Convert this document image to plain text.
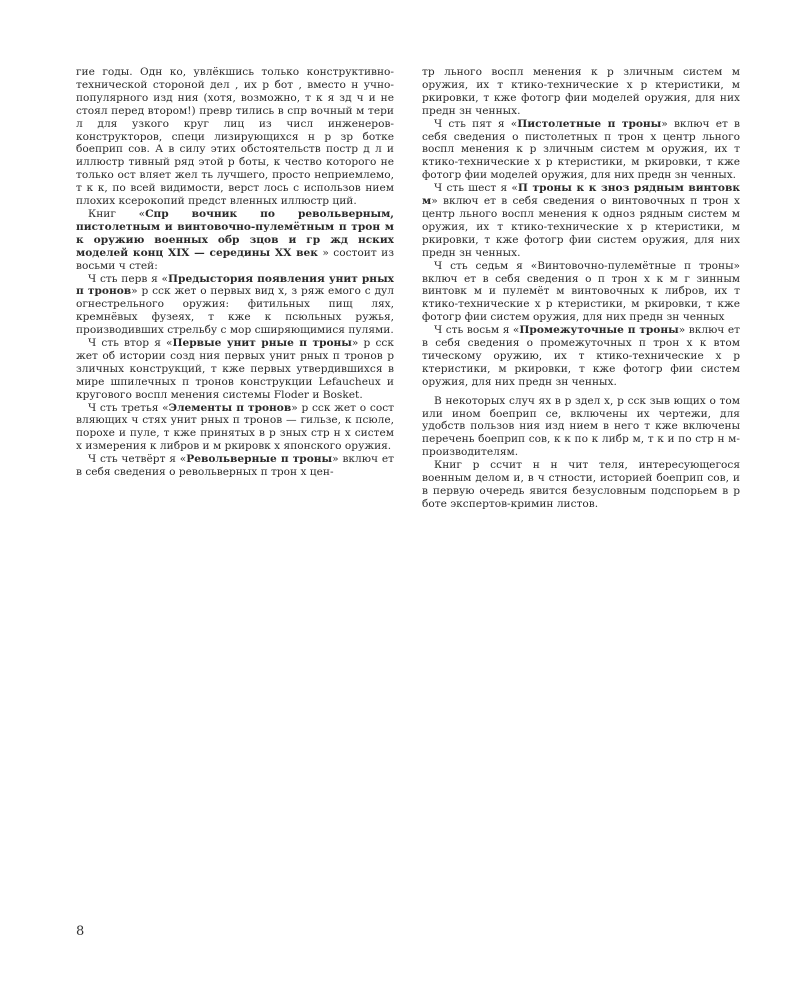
гие годы. Одн ко, увлёкшись только конструктивно-технической стороной дел , их р бот , вместо н учно-популярного изд ния (хотя, возможно, т к я зд ч и не стоял перед втором!) превр тились в спр вочный м тери л для узкого круг лиц из числ инженеров-конструкторов, специ лизирующихся н р зр ботке боеприп сов. А в силу этих обстоятельств постр д л и иллюстр тивный ряд этой р боты, к чество которого не только ост вляет жел ть лучшего, просто неприемлемо, т к к, по всей видимости, верст лось с использов нием плохих ксерокопий предст вленных иллюстр ций.

Книг «Спр вочник по револьверным, пистолетным и винтовочно-пулемётным п трон м к оружию военных обр зцов и гр жд нских моделей конц XIX — середины XX век » состоит из восьми ч стей:

Ч сть перв я «Предыстория появления унит рных п тронов» р сск жет о первых вид х, з ряж емого с дул огнестрельного оружия: фитильных пищ лях, кремнёвых фузеях, т кже к псюльных ружья, производивших стрельбу с мор сширяющимися пулями.

Ч сть втор я «Первые унит рные п троны» р сск жет об истории созд ния первых унит рных п тронов р зличных конструкций, т кже первых утвердившихся в мире шпилечных п тронов конструкции Lefaucheux и кругового воспл менения системы Floder и Bosket.

Ч сть третья «Элементы п тронов» р сск жет о сост вляющих ч стях унит рных п тронов — гильзе, к псюле, порохе и пуле, т кже принятых в р зных стр н х систем х измерения к либров и м ркировк х японского оружия.

Ч сть четвёрт я «Револьверные п троны» включ ет в себя сведения о револьверных п трон х цен-

тр льного воспл менения к р зличным систем м оружия, их т ктико-технические х р ктеристики, м ркировки, т кже фотогр фии моделей оружия, для них предн зн ченных.

Ч сть пят я «Пистолетные п троны» включ ет в себя сведения о пистолетных п трон х центр льного воспл менения к р зличным систем м оружия, их т ктико-технические х р ктеристики, м ркировки, т кже фотогр фии моделей оружия, для них предн зн ченных.

Ч сть шест я «П троны к к зноз рядным винтовк м» включ ет в себя сведения о винтовочных п трон х центр льного воспл менения к одноз рядным систем м оружия, их т ктико-технические х р ктеристики, м ркировки, т кже фотогр фии систем оружия, для них предн зн ченных.

Ч сть седьм я «Винтовочно-пулемётные п троны» включ ет в себя сведения о п трон х к м г зинным винтовк м и пулемёт м винтовочных к либров, их т ктико-технические х р ктеристики, м ркировки, т кже фотогр фии систем оружия, для них предн зн ченных

Ч сть восьм я «Промежуточные п троны» включ ет в себя сведения о промежуточных п трон х к втом тическому оружию, их т ктико-технические х р ктеристики, м ркировки, т кже фотогр фии систем оружия, для них предн зн ченных.

В некоторых случ ях в р здел х, р сск зыв ющих о том или ином боеприп се, включены их чертежи, для удобств пользов ния изд нием в него т кже включены перечень боеприп сов, к к по к либр м, т к и по стр н м-производителям.

Книг р ссчит н н чит теля, интересующегося военным делом и, в ч стности, историей боеприп сов, и в первую очередь явится безусловным подспорьем в р боте экспертов-кримин листов.

8
